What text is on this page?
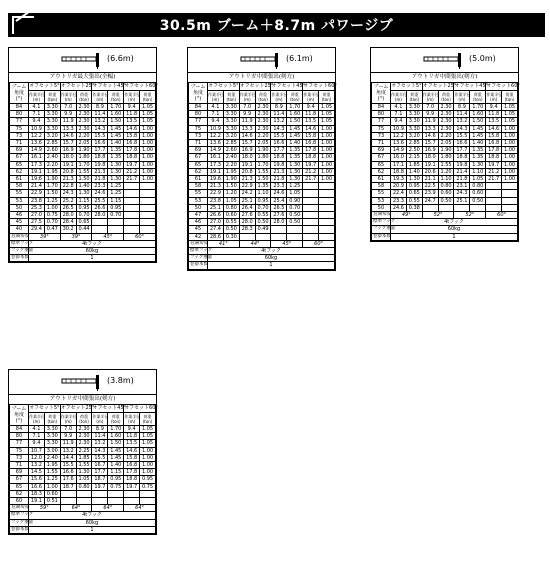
30.5m ブーム＋8.7m パワージブ
(6.6m)
アウトリガ最大張出(全幅)
ブーム
角度
(°)	オフセット5°		オフセット25°		オフセット45°		オフセット60°	
	作業半径
(m)	荷重
(ton)	作業半径
(m)	荷重
(ton)	作業半径
(m)	荷重
(ton)	作業半径
(m)	荷重
(ton)
84	4.1	3.30	7.0	2.30	8.9	1.70	9.4	1.05
80	7.1	3.30	9.9	2.30	11.4	1.60	11.8	1.05
77	9.4	3.30	11.9	2.30	13.2	1.50	13.5	1.05
75	10.9	3.30	13.3	2.30	14.3	1.45	14.6	1.00
73	12.2	3.20	14.6	2.20	15.5	1.45	15.8	1.00
71	13.6	2.85	15.7	2.05	16.6	1.40	16.8	1.00
69	14.9	2.60	16.9	1.90	17.7	1.35	17.8	1.00
67	16.1	2.40	18.0	1.80	18.8	1.35	18.8	1.00
65	17.3	2.20	19.1	1.70	19.8	1.30	19.7	1.00
62	19.1	1.95	20.8	1.55	21.3	1.30	21.2	1.00
61	19.6	1.90	21.3	1.50	21.8	1.30	21.7	1.00
58	21.4	1.70	22.8	1.40	23.3	1.25		
55	22.9	1.50	24.3	1.30	24.6	1.25		
53	23.8	1.25	25.2	1.15	25.5	1.15		
50	25.3	1.00	26.5	0.95	26.6	0.95		
46	27.0	0.75	28.0	0.70	28.0	0.70		
45	27.5	0.70	28.4	0.65				
40	29.4	0.47	30.2	0.44				
危険角度	39°		39°		45°		60°	
標準フック	4tフック							
フック重量	60kg							
巻掛本数	1							
(6.1m)
アウトリガ中間張出(剣方)
ブーム
角度
(°)	オフセット5°		オフセット25°		オフセット45°		オフセット60°	
	作業半径
(m)	荷重
(ton)	作業半径
(m)	荷重
(ton)	作業半径
(m)	荷重
(ton)	作業半径
(m)	荷重
(ton)
84	4.1	3.30	7.0	2.30	8.9	1.70	9.4	1.05
80	7.1	3.30	9.9	2.30	11.4	1.60	11.8	1.05
77	9.4	3.30	11.9	2.30	13.2	1.50	13.5	1.05
75	10.9	3.30	13.3	2.30	14.3	1.45	14.6	1.00
73	12.2	3.20	14.6	2.20	15.5	1.45	15.8	1.00
71	13.6	2.85	15.7	2.05	16.6	1.40	16.8	1.00
69	14.9	2.60	16.9	1.90	17.7	1.35	17.8	1.00
67	16.1	2.40	18.0	1.80	18.8	1.35	18.8	1.00
65	17.3	2.20	19.1	1.70	19.8	1.30	19.7	1.00
62	19.1	1.95	20.8	1.55	21.3	1.30	21.2	1.00
61	19.6	1.90	21.3	1.50	21.8	1.30	21.7	1.00
58	21.3	1.50	22.9	1.35	23.3	1.25		
55	22.9	1.20	24.2	1.10	24.6	1.05		
53	23.8	1.05	25.1	0.95	25.4	0.90		
50	25.1	0.80	26.4	0.70	26.5	0.70		
47	26.6	0.60	27.6	0.55	27.6	0.50		
46	27.0	0.55	28.0	0.50	28.0	0.50		
45	27.4	0.50	28.3	0.49				
42	28.6	0.30						
危険角度	41°		44°		45°		60°	
標準フック	4tフック							
フック重量	60kg							
巻掛本数	1							
(5.0m)
アウトリガ中間張出(剣方)
ブーム
角度
(°)	オフセット5°		オフセット25°		オフセット45°		オフセット60°	
	作業半径
(m)	荷重
(ton)	作業半径
(m)	荷重
(ton)	作業半径
(m)	荷重
(ton)	作業半径
(m)	荷重
(ton)
84	4.1	3.30	7.0	2.30	8.9	1.70	9.4	1.05
80	7.1	3.30	9.9	2.30	11.4	1.60	11.8	1.05
77	9.4	3.30	11.9	2.30	13.2	1.50	13.5	1.05
75	10.9	3.30	13.3	2.30	14.3	1.45	14.6	1.00
73	12.2	3.20	14.6	2.20	15.5	1.45	15.8	1.00
71	13.6	2.85	15.7	2.05	16.6	1.40	16.8	1.00
69	14.9	2.50	16.9	1.90	17.7	1.35	17.8	1.00
67	16.0	2.15	18.0	1.80	18.8	1.35	18.8	1.00
65	17.1	1.85	19.1	1.55	19.8	1.30	19.7	1.00
62	18.8	1.40	20.6	1.20	21.4	1.10	21.2	1.00
61	19.3	1.30	21.1	1.10	21.8	1.05	21.7	1.00
58	20.9	0.95	22.5	0.80	23.1	0.80		
55	22.4	0.65	23.9	0.60	24.3	0.60		
53	23.3	0.55	24.7	0.50	25.1	0.50		
50	24.6	0.38						
危険角度	49°		52°		52°		60°	
標準フック	4tフック							
フック重量	60kg							
巻掛本数	1							
(3.8m)
アウトリガ中間張出(剣方)
ブーム
角度
(°)	オフセット5°		オフセット25°		オフセット45°		オフセット60°	
	作業半径
(m)	荷重
(ton)	作業半径
(m)	荷重
(ton)	作業半径
(m)	荷重
(ton)	作業半径
(m)	荷重
(ton)
84	4.1	3.30	7.0	2.30	8.9	1.70	9.4	1.05
80	7.1	3.30	9.9	2.30	11.4	1.60	11.8	1.05
77	9.4	3.30	11.9	2.30	13.2	1.50	13.5	1.05
75	10.7	3.00	13.2	2.25	14.3	1.45	14.6	1.00
73	12.0	2.40	14.4	1.85	15.5	1.45	15.8	1.00
71	13.2	1.95	15.5	1.55	16.7	1.40	16.8	1.00
69	14.5	1.55	16.6	1.30	17.7	1.15	17.8	1.00
67	15.6	1.25	17.6	1.05	18.7	0.95	18.8	0.95
65	16.6	1.00	18.7	0.80	19.7	0.75	19.7	0.75
62	18.3	0.60						
60	19.1	0.51						
危険角度	59°		64°		64°		64°	
標準フック	4tフック							
フック重量	60kg							
巻掛本数	1							
